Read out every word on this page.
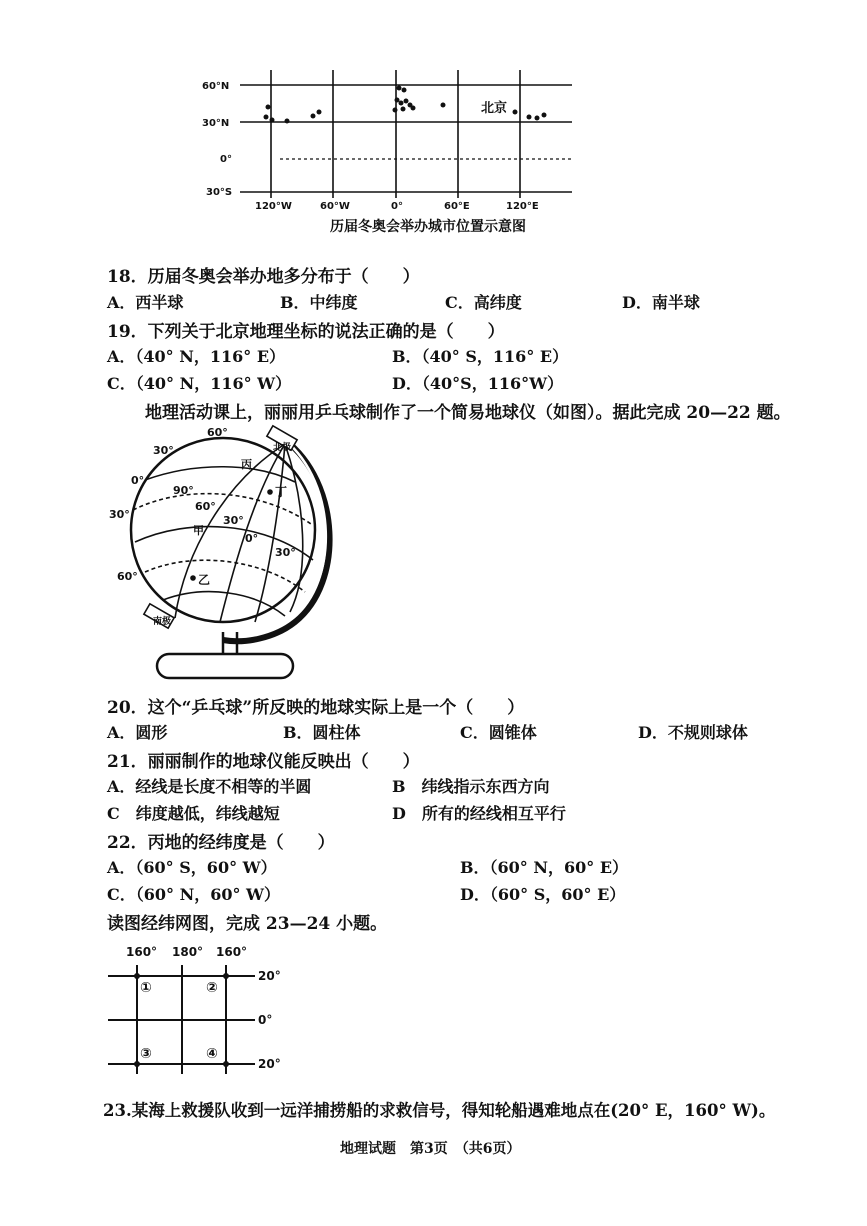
60°N
30°N
0°
30°S
120°W	60°W	0°	60°E	120°E
北京
历届冬奥会举办城市位置示意图
18．历届冬奥会举办地多分布于（　　）
A．西半球	B．中纬度	C．高纬度	D．南半球
19．下列关于北京地理坐标的说法正确的是（　　）
A．（40° N，116° E）	B．（40° S，116° E）
C．（40° N，116° W）	D．（40°S，116°W）
地理活动课上，丽丽用乒乓球制作了一个简易地球仪（如图）。据此完成 20—22 题。
60°
30°
0°
30°
60°
90°
60°
30°
0°
30°
甲
乙
丙
丁
北极
南极
20．这个“乒乓球”所反映的地球实际上是一个（　　）
A．圆形	B．圆柱体	C．圆锥体	D．不规则球体
21．丽丽制作的地球仪能反映出（　　）
A．经线是长度不相等的半圆	B　纬线指示东西方向
C　纬度越低，纬线越短	D　所有的经线相互平行
22．丙地的经纬度是（　　）
A．（60° S，60° W）	B．（60° N，60° E）
C．（60° N，60° W）	D．（60° S，60° E）
读图经纬网图，完成 23—24 小题。
160° 180° 160°
20°
0°
20°
①	②
③	④
23.某海上救援队收到一远洋捕捞船的求救信号，得知轮船遇难地点在(20° E，160° W)。
地理试题　第3页　（共6页）
